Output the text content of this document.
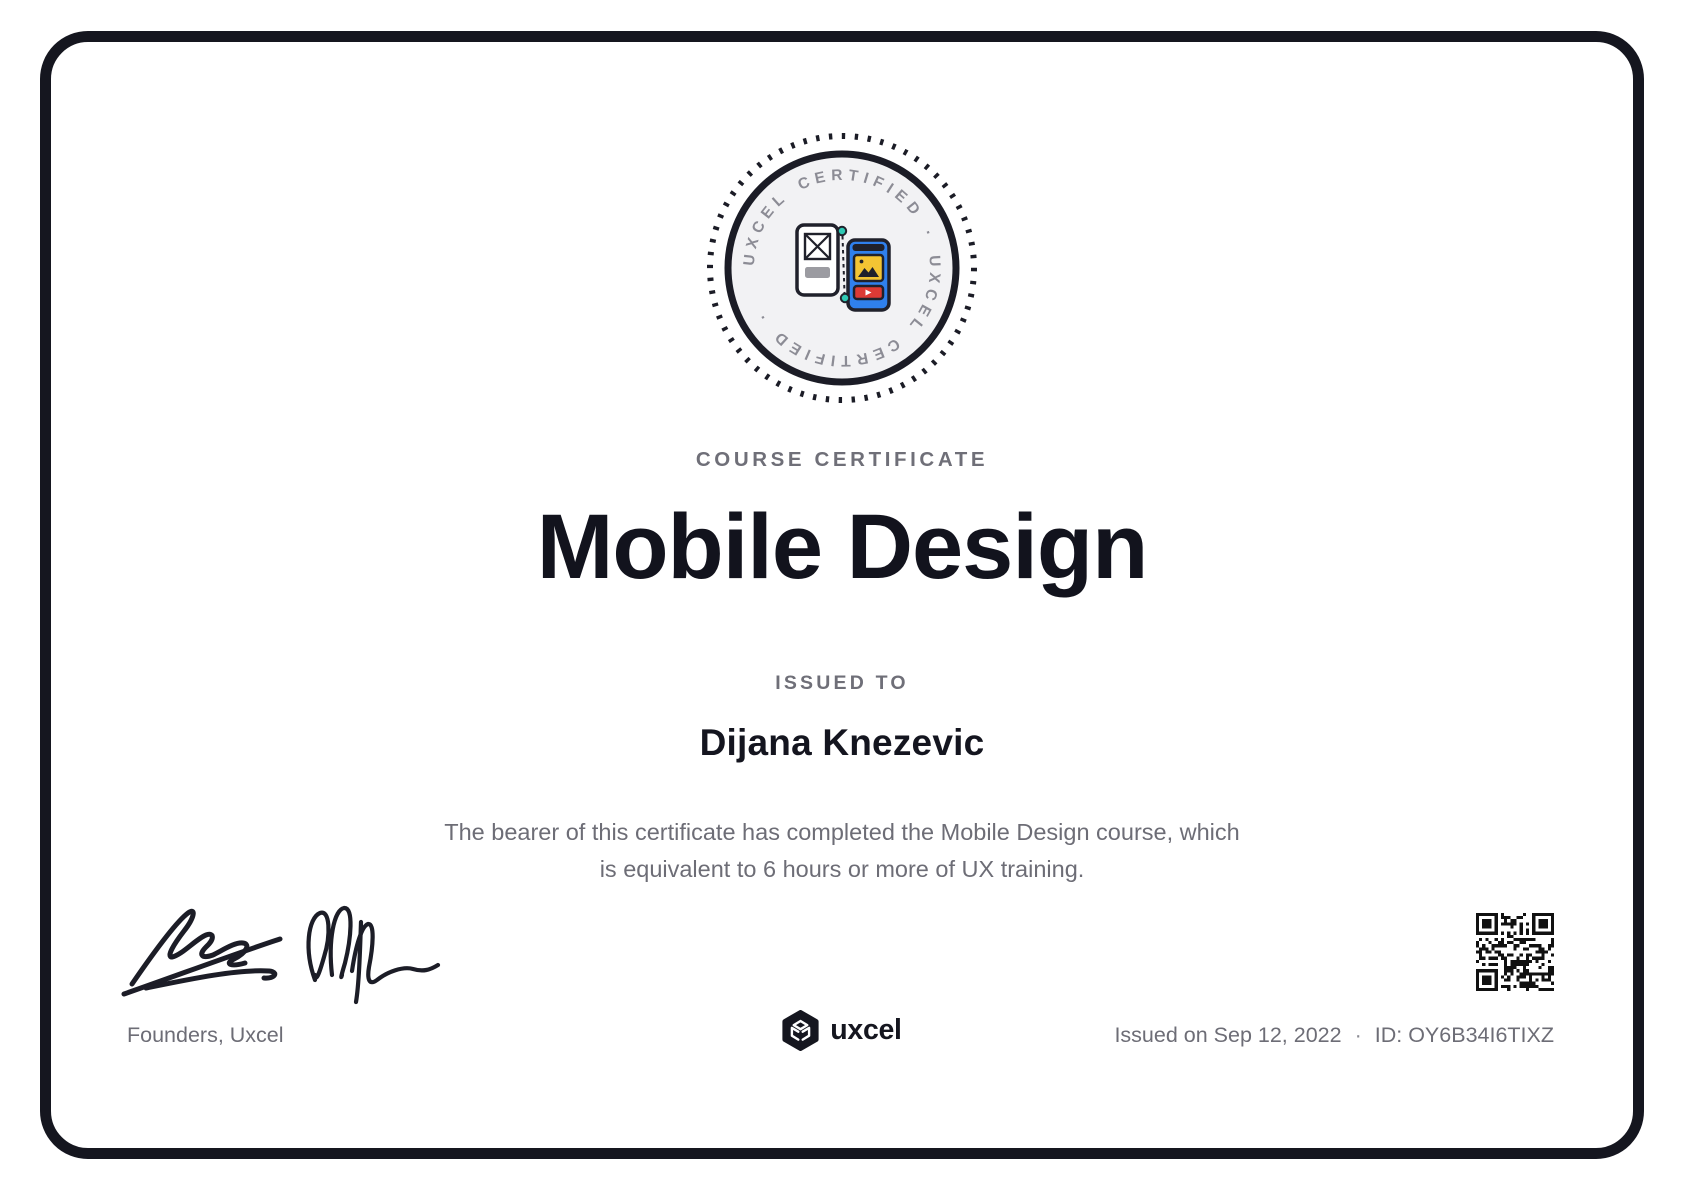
UXCEL CERTIFIED · UXCEL CERTIFIED ·
COURSE CERTIFICATE
Mobile Design
ISSUED TO
Dijana Knezevic
The bearer of this certificate has completed the Mobile Design course, which
is equivalent to 6 hours or more of UX training.
Founders, Uxcel	uxcel	Issued on Sep 12, 2022 · ID: OY6B34I6TIXZ
